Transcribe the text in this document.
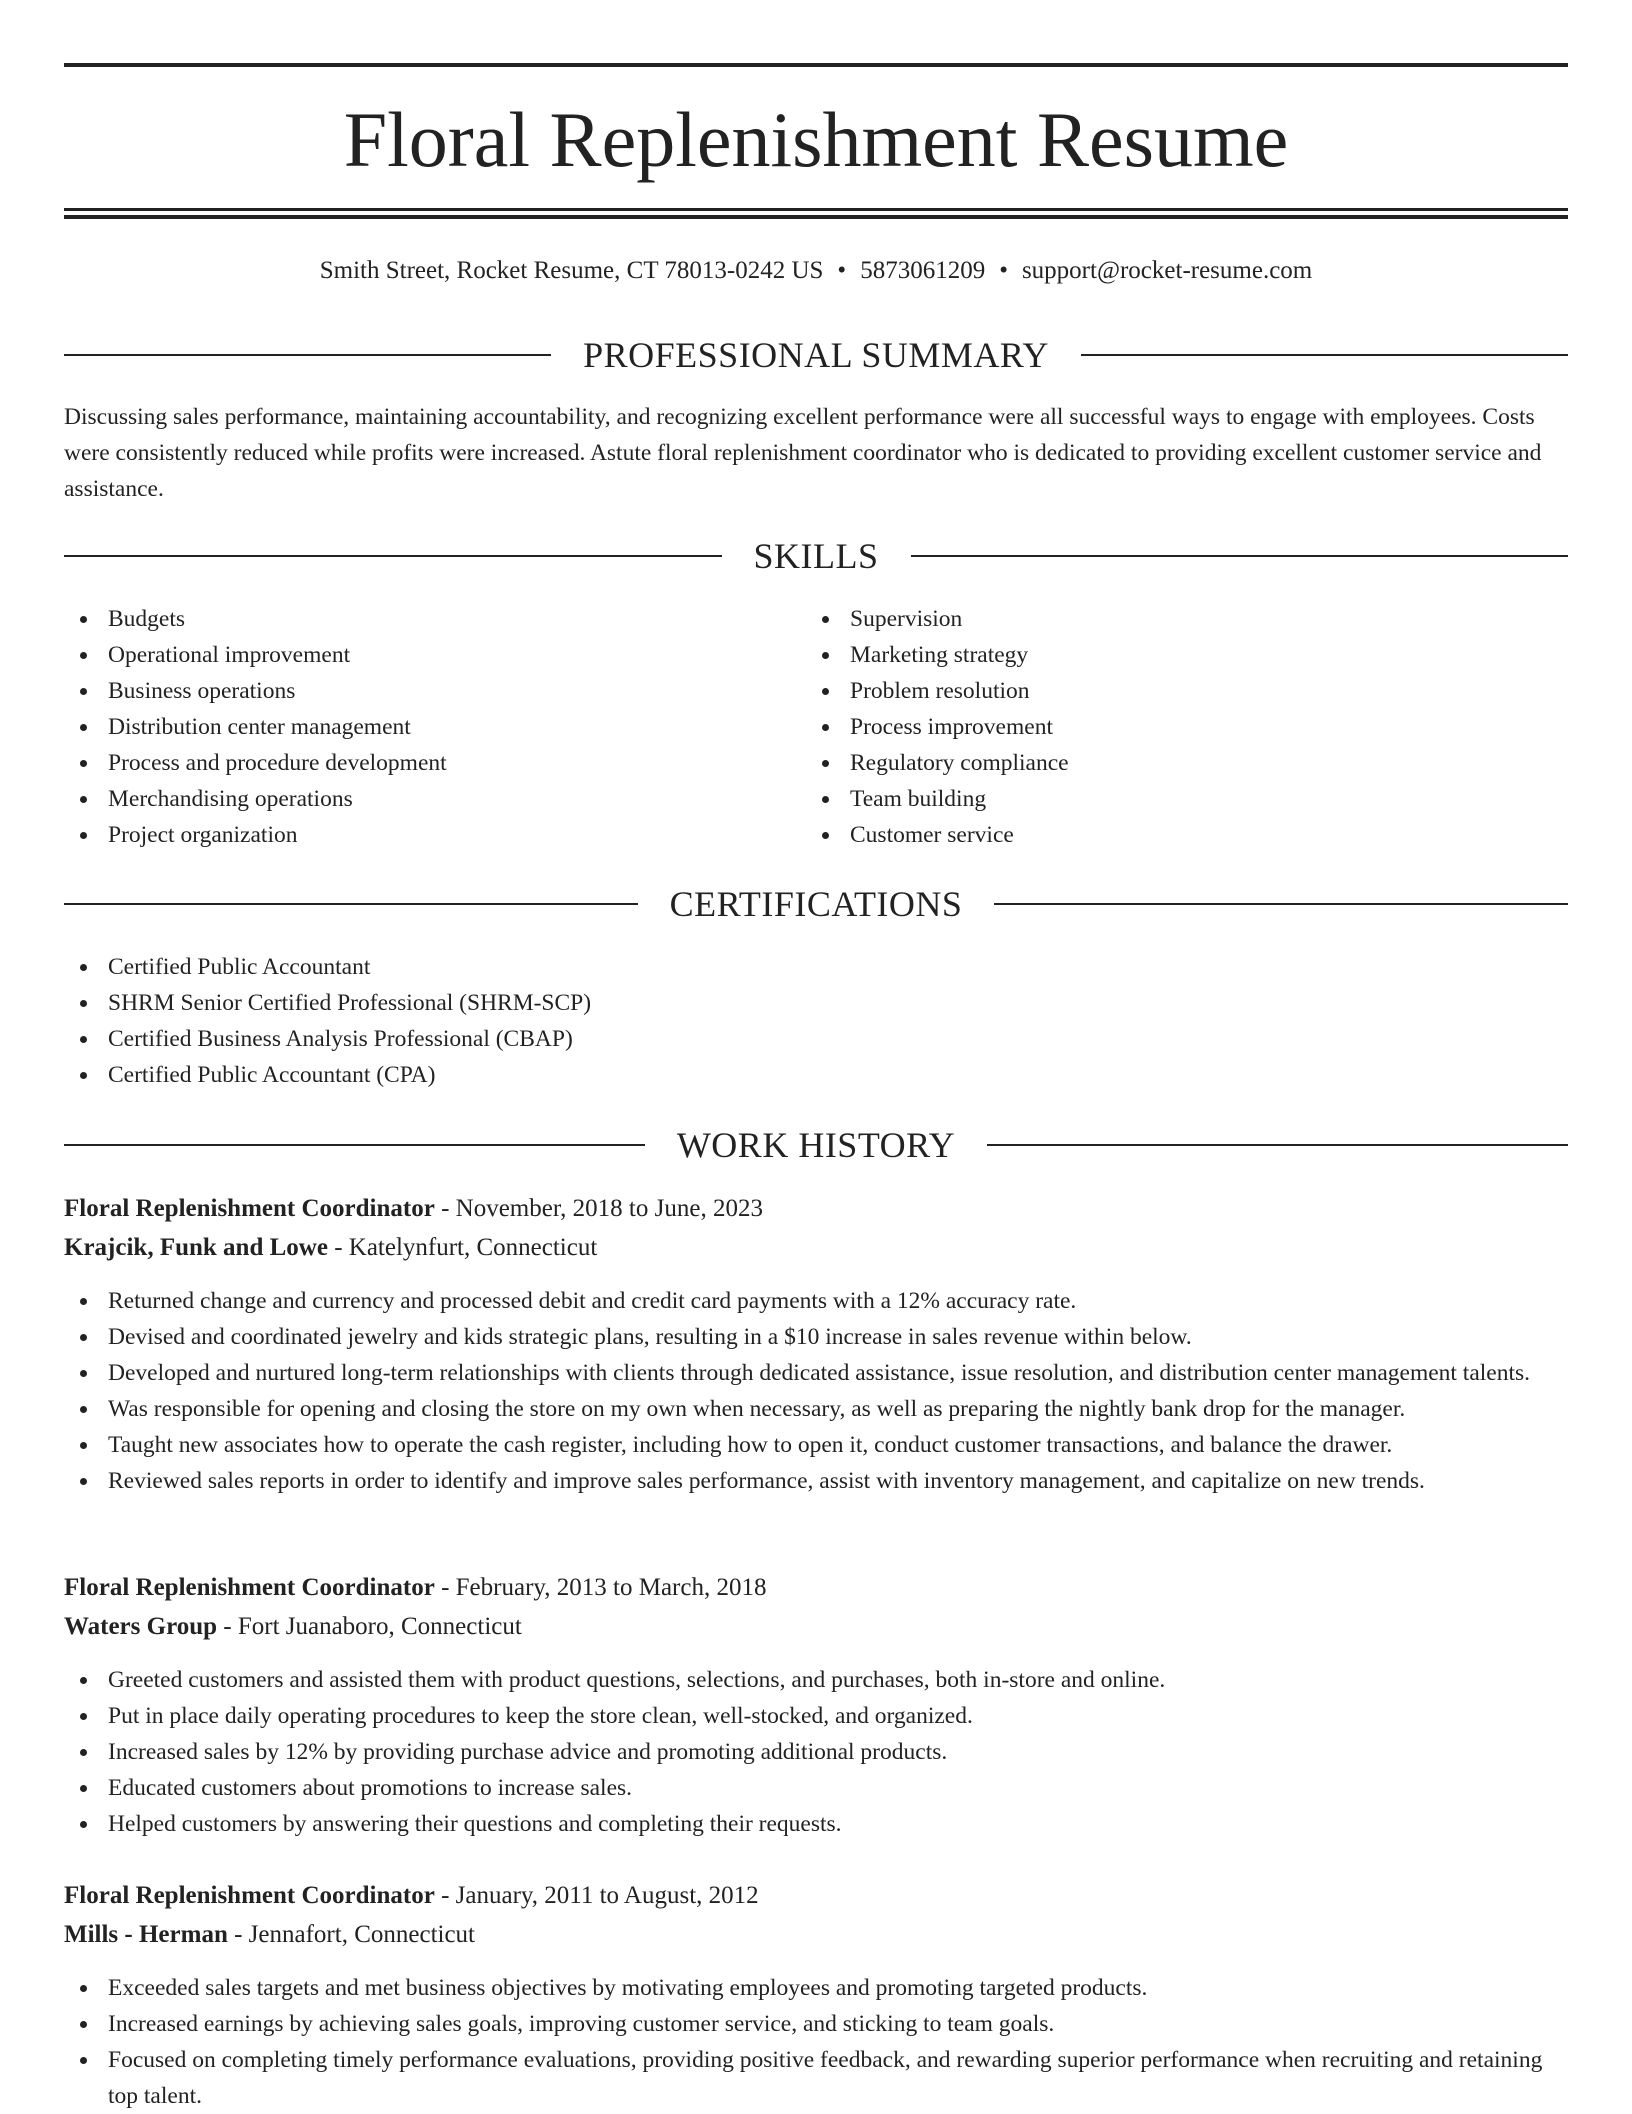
Floral Replenishment Resume
Smith Street, Rocket Resume, CT 78013-0242 US • 5873061209 • support@rocket-resume.com
PROFESSIONAL SUMMARY

Discussing sales performance, maintaining accountability, and recognizing excellent performance were all successful ways to engage with employees. Costs were consistently reduced while profits were increased. Astute floral replenishment coordinator who is dedicated to providing excellent customer service and assistance.

SKILLS
Budgets
Operational improvement
Business operations
Distribution center management
Process and procedure development
Merchandising operations
Project organization
Supervision
Marketing strategy
Problem resolution
Process improvement
Regulatory compliance
Team building
Customer service
CERTIFICATIONS
Certified Public Accountant
SHRM Senior Certified Professional (SHRM-SCP)
Certified Business Analysis Professional (CBAP)
Certified Public Accountant (CPA)
WORK HISTORY
Floral Replenishment Coordinator - November, 2018 to June, 2023
Krajcik, Funk and Lowe - Katelynfurt, Connecticut
Returned change and currency and processed debit and credit card payments with a 12% accuracy rate.
Devised and coordinated jewelry and kids strategic plans, resulting in a $10 increase in sales revenue within below.
Developed and nurtured long-term relationships with clients through dedicated assistance, issue resolution, and distribution center management talents.
Was responsible for opening and closing the store on my own when necessary, as well as preparing the nightly bank drop for the manager.
Taught new associates how to operate the cash register, including how to open it, conduct customer transactions, and balance the drawer.
Reviewed sales reports in order to identify and improve sales performance, assist with inventory management, and capitalize on new trends.
Floral Replenishment Coordinator - February, 2013 to March, 2018
Waters Group - Fort Juanaboro, Connecticut
Greeted customers and assisted them with product questions, selections, and purchases, both in-store and online.
Put in place daily operating procedures to keep the store clean, well-stocked, and organized.
Increased sales by 12% by providing purchase advice and promoting additional products.
Educated customers about promotions to increase sales.
Helped customers by answering their questions and completing their requests.
Floral Replenishment Coordinator - January, 2011 to August, 2012
Mills - Herman - Jennafort, Connecticut
Exceeded sales targets and met business objectives by motivating employees and promoting targeted products.
Increased earnings by achieving sales goals, improving customer service, and sticking to team goals.
Focused on completing timely performance evaluations, providing positive feedback, and rewarding superior performance when recruiting and retaining top talent.
